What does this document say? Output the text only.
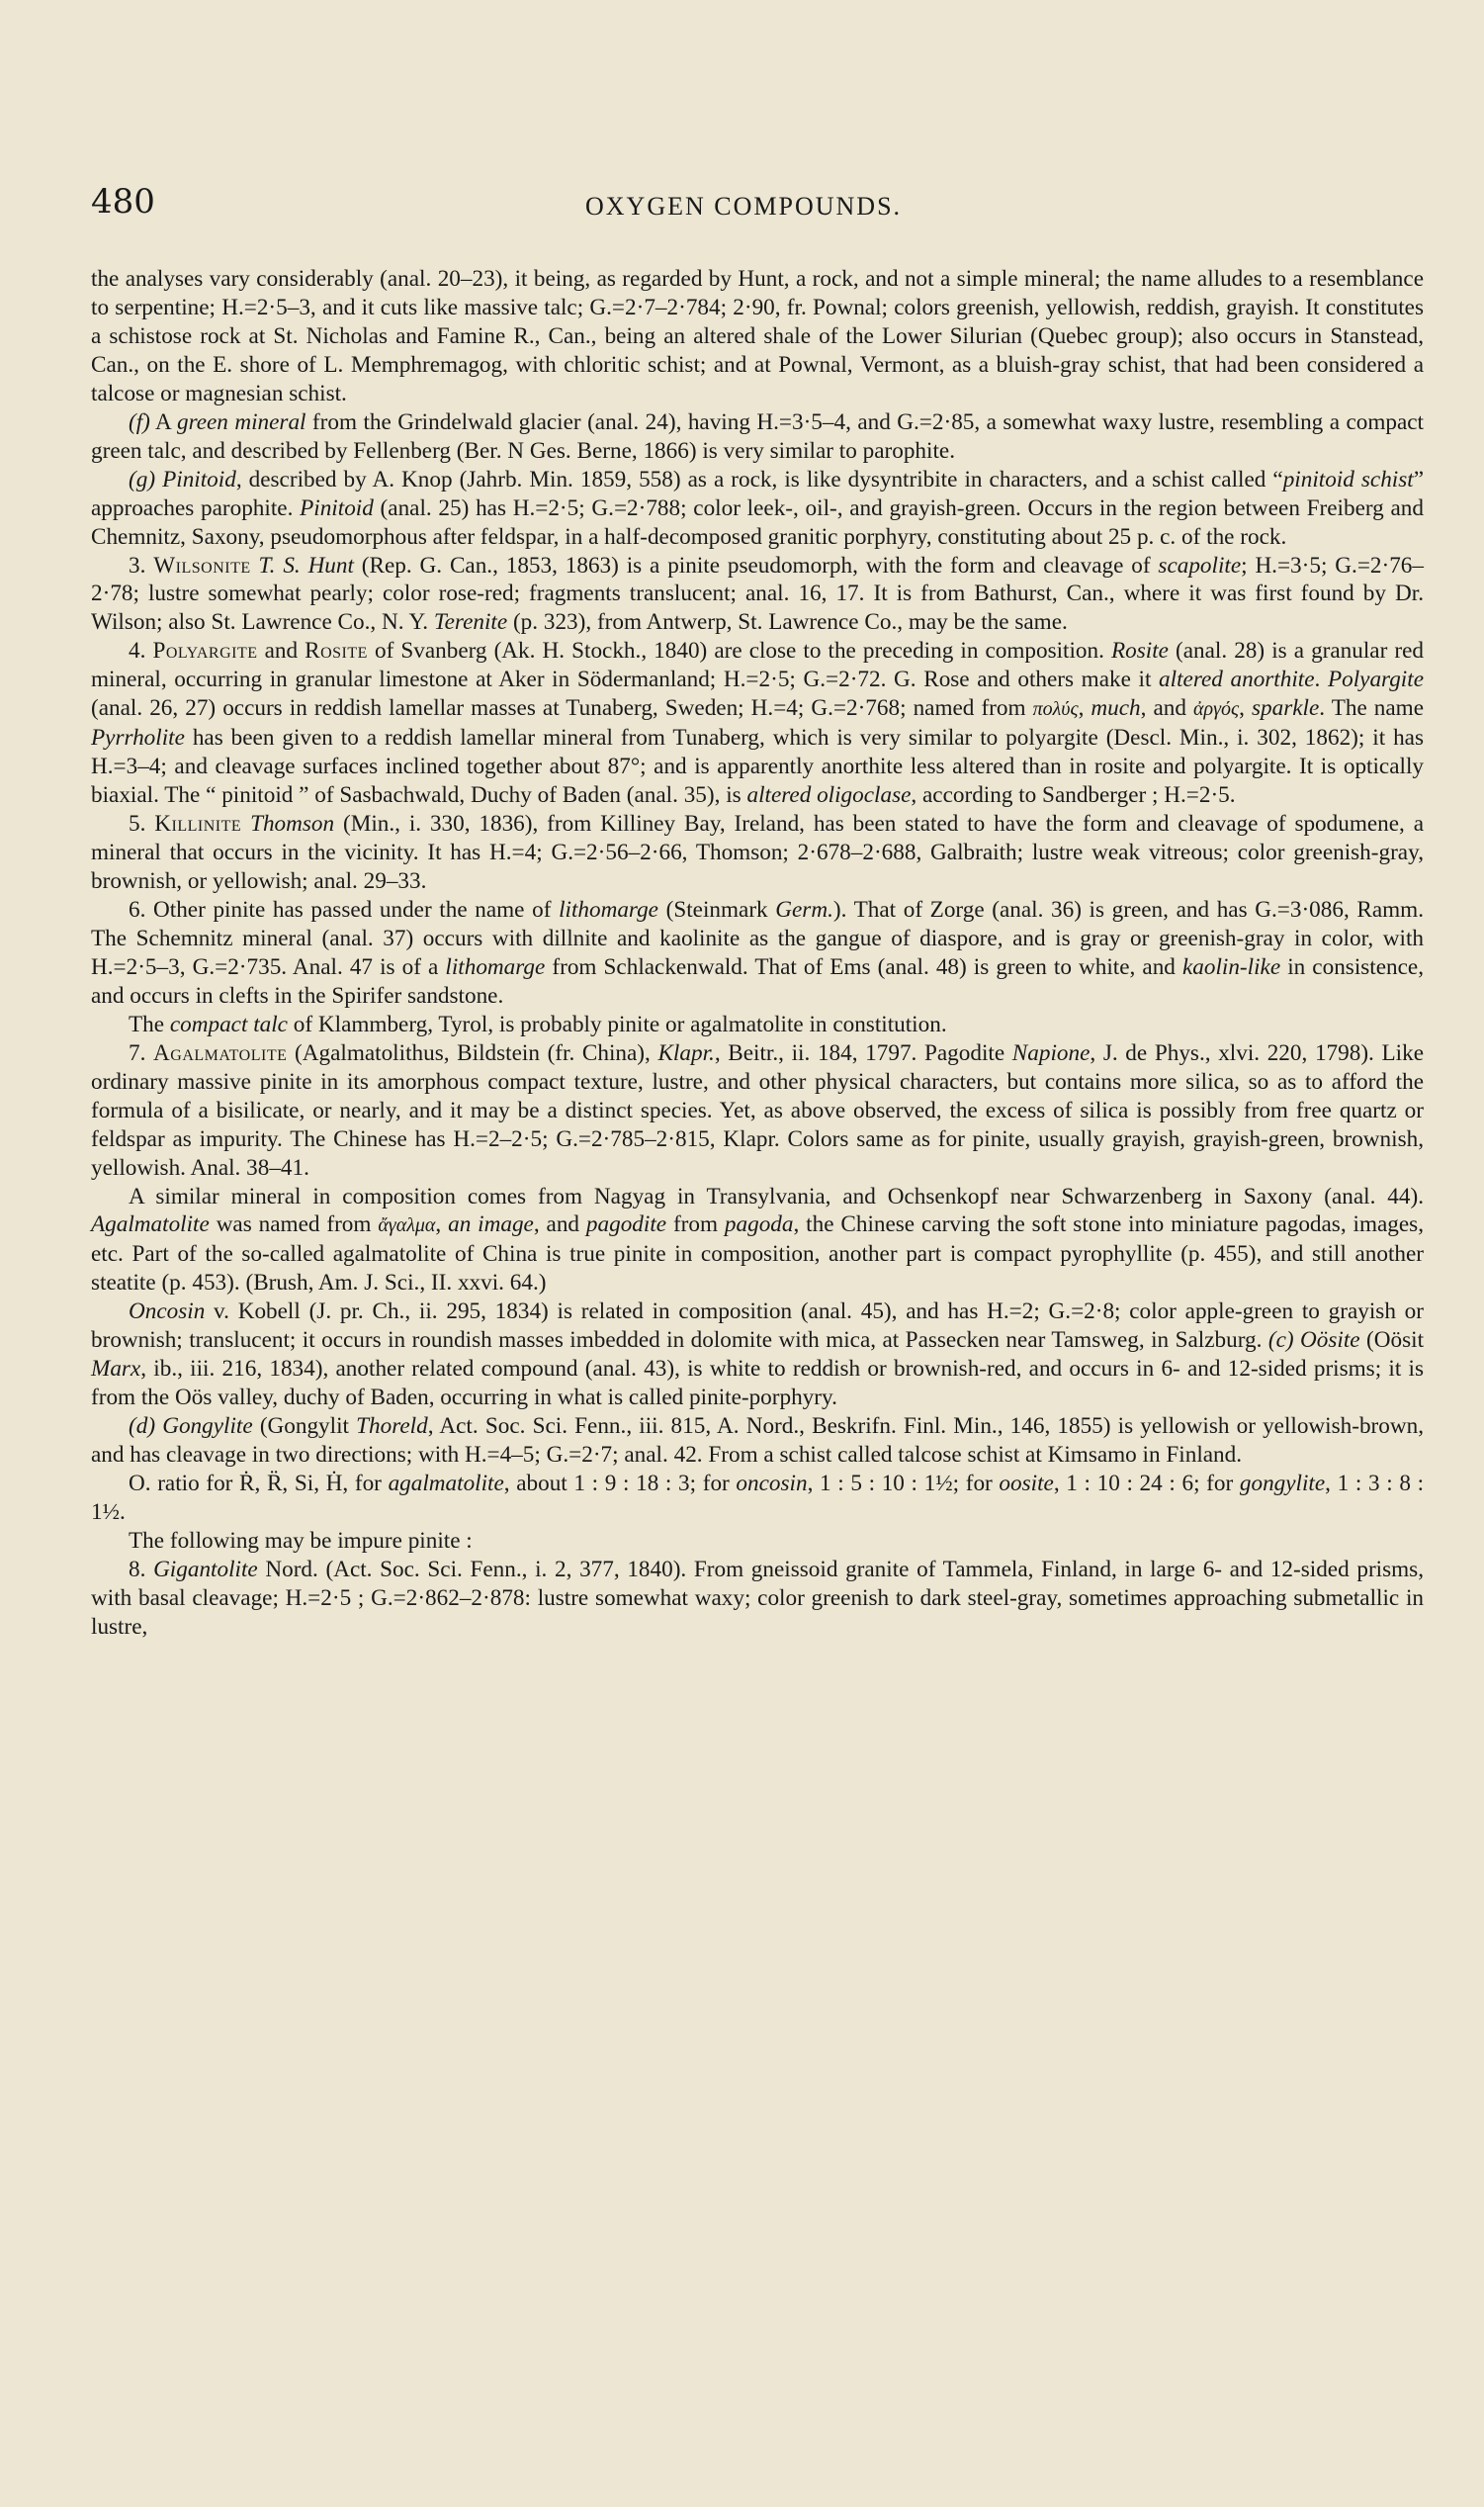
480	OXYGEN COMPOUNDS.

the analyses vary considerably (anal. 20–23), it being, as regarded by Hunt, a rock, and not a simple mineral; the name alludes to a resemblance to serpentine; H.=2·5–3, and it cuts like massive talc; G.=2·7–2·784; 2·90, fr. Pownal; colors greenish, yellowish, reddish, grayish. It constitutes a schistose rock at St. Nicholas and Famine R., Can., being an altered shale of the Lower Silurian (Quebec group); also occurs in Stanstead, Can., on the E. shore of L. Memphremagog, with chloritic schist; and at Pownal, Vermont, as a bluish-gray schist, that had been considered a talcose or magnesian schist.

(f) A green mineral from the Grindelwald glacier (anal. 24), having H.=3·5–4, and G.=2·85, a somewhat waxy lustre, resembling a compact green talc, and described by Fellenberg (Ber. N Ges. Berne, 1866) is very similar to parophite.

(g) Pinitoid, described by A. Knop (Jahrb. Min. 1859, 558) as a rock, is like dysyntribite in characters, and a schist called “pinitoid schist” approaches parophite. Pinitoid (anal. 25) has H.=2·5; G.=2·788; color leek-, oil-, and grayish-green. Occurs in the region between Freiberg and Chemnitz, Saxony, pseudomorphous after feldspar, in a half-decomposed granitic porphyry, constituting about 25 p. c. of the rock.

3. Wilsonite T. S. Hunt (Rep. G. Can., 1853, 1863) is a pinite pseudomorph, with the form and cleavage of scapolite; H.=3·5; G.=2·76–2·78; lustre somewhat pearly; color rose-red; fragments translucent; anal. 16, 17. It is from Bathurst, Can., where it was first found by Dr. Wilson; also St. Lawrence Co., N. Y. Terenite (p. 323), from Antwerp, St. Lawrence Co., may be the same.

4. Polyargite and Rosite of Svanberg (Ak. H. Stockh., 1840) are close to the preceding in composition. Rosite (anal. 28) is a granular red mineral, occurring in granular limestone at Aker in Södermanland; H.=2·5; G.=2·72. G. Rose and others make it altered anorthite. Polyargite (anal. 26, 27) occurs in reddish lamellar masses at Tunaberg, Sweden; H.=4; G.=2·768; named from πολύς, much, and ἀργός, sparkle. The name Pyrrholite has been given to a reddish lamellar mineral from Tunaberg, which is very similar to polyargite (Descl. Min., i. 302, 1862); it has H.=3–4; and cleavage surfaces inclined together about 87°; and is apparently anorthite less altered than in rosite and polyargite. It is optically biaxial. The “ pinitoid ” of Sasbachwald, Duchy of Baden (anal. 35), is altered oligoclase, according to Sandberger ; H.=2·5.

5. Killinite Thomson (Min., i. 330, 1836), from Killiney Bay, Ireland, has been stated to have the form and cleavage of spodumene, a mineral that occurs in the vicinity. It has H.=4; G.=2·56–2·66, Thomson; 2·678–2·688, Galbraith; lustre weak vitreous; color greenish-gray, brownish, or yellowish; anal. 29–33.

6. Other pinite has passed under the name of lithomarge (Steinmark Germ.). That of Zorge (anal. 36) is green, and has G.=3·086, Ramm. The Schemnitz mineral (anal. 37) occurs with dillnite and kaolinite as the gangue of diaspore, and is gray or greenish-gray in color, with H.=2·5–3, G.=2·735. Anal. 47 is of a lithomarge from Schlackenwald. That of Ems (anal. 48) is green to white, and kaolin-like in consistence, and occurs in clefts in the Spirifer sandstone.

The compact talc of Klammberg, Tyrol, is probably pinite or agalmatolite in constitution.

7. Agalmatolite (Agalmatolithus, Bildstein (fr. China), Klapr., Beitr., ii. 184, 1797. Pagodite Napione, J. de Phys., xlvi. 220, 1798). Like ordinary massive pinite in its amorphous compact texture, lustre, and other physical characters, but contains more silica, so as to afford the formula of a bisilicate, or nearly, and it may be a distinct species. Yet, as above observed, the excess of silica is possibly from free quartz or feldspar as impurity. The Chinese has H.=2–2·5; G.=2·785–2·815, Klapr. Colors same as for pinite, usually grayish, grayish-green, brownish, yellowish. Anal. 38–41.

A similar mineral in composition comes from Nagyag in Transylvania, and Ochsenkopf near Schwarzenberg in Saxony (anal. 44). Agalmatolite was named from ἄγαλμα, an image, and pagodite from pagoda, the Chinese carving the soft stone into miniature pagodas, images, etc. Part of the so-called agalmatolite of China is true pinite in composition, another part is compact pyrophyllite (p. 455), and still another steatite (p. 453). (Brush, Am. J. Sci., II. xxvi. 64.)

Oncosin v. Kobell (J. pr. Ch., ii. 295, 1834) is related in composition (anal. 45), and has H.=2; G.=2·8; color apple-green to grayish or brownish; translucent; it occurs in roundish masses imbedded in dolomite with mica, at Passecken near Tamsweg, in Salzburg. (c) Oösite (Oösit Marx, ib., iii. 216, 1834), another related compound (anal. 43), is white to reddish or brownish-red, and occurs in 6- and 12-sided prisms; it is from the Oös valley, duchy of Baden, occurring in what is called pinite-porphyry.

(d) Gongylite (Gongylit Thoreld, Act. Soc. Sci. Fenn., iii. 815, A. Nord., Beskrifn. Finl. Min., 146, 1855) is yellowish or yellowish-brown, and has cleavage in two directions; with H.=4–5; G.=2·7; anal. 42. From a schist called talcose schist at Kimsamo in Finland.

O. ratio for Ṙ, R̈, Si, Ḣ, for agalmatolite, about 1 : 9 : 18 : 3; for oncosin, 1 : 5 : 10 : 1½; for oosite, 1 : 10 : 24 : 6; for gongylite, 1 : 3 : 8 : 1½.

The following may be impure pinite :

8. Gigantolite Nord. (Act. Soc. Sci. Fenn., i. 2, 377, 1840). From gneissoid granite of Tammela, Finland, in large 6- and 12-sided prisms, with basal cleavage; H.=2·5 ; G.=2·862–2·878: lustre somewhat waxy; color greenish to dark steel-gray, sometimes approaching submetallic in lustre,
